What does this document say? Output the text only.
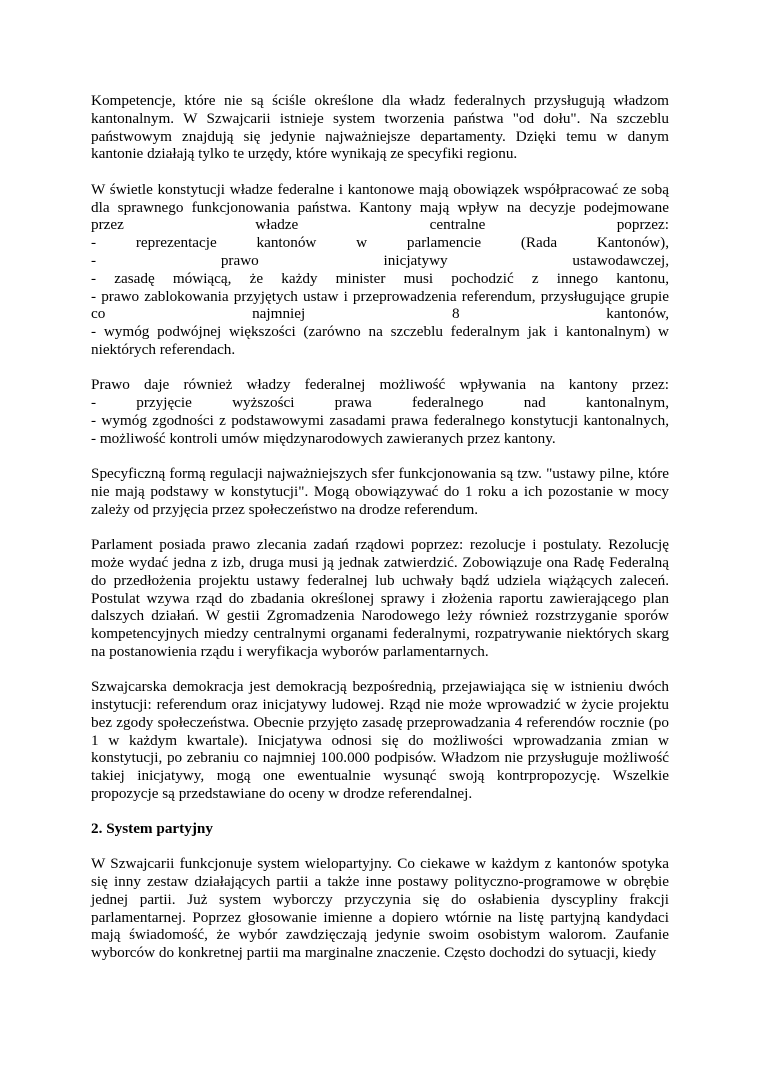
Kompetencje, które nie są ściśle określone dla władz federalnych przysługują władzom kantonalnym. W Szwajcarii istnieje system tworzenia państwa "od dołu". Na szczeblu państwowym znajdują się jedynie najważniejsze departamenty. Dzięki temu w danym kantonie działają tylko te urzędy, które wynikają ze specyfiki regionu.

W świetle konstytucji władze federalne i kantonowe mają obowiązek współpracować ze sobą
dla sprawnego funkcjonowania państwa. Kantony mają wpływ na decyzje podejmowane
przez władze centralne poprzez:
- reprezentacje kantonów w parlamencie (Rada Kantonów),
- prawo inicjatywy ustawodawczej,
- zasadę mówiącą, że każdy minister musi pochodzić z innego kantonu,
- prawo zablokowania przyjętych ustaw i przeprowadzenia referendum, przysługujące grupie
co najmniej 8 kantonów,
- wymóg podwójnej większości (zarówno na szczeblu federalnym jak i kantonalnym) w
niektórych referendach.

Prawo daje również władzy federalnej możliwość wpływania na kantony przez:
- przyjęcie wyższości prawa federalnego nad kantonalnym,
- wymóg zgodności z podstawowymi zasadami prawa federalnego konstytucji kantonalnych,
- możliwość kontroli umów międzynarodowych zawieranych przez kantony.

Specyficzną formą regulacji najważniejszych sfer funkcjonowania są tzw. "ustawy pilne, które nie mają podstawy w konstytucji". Mogą obowiązywać do 1 roku a ich pozostanie w mocy zależy od przyjęcia przez społeczeństwo na drodze referendum.

Parlament posiada prawo zlecania zadań rządowi poprzez: rezolucje i postulaty. Rezolucję może wydać jedna z izb, druga musi ją jednak zatwierdzić. Zobowiązuje ona Radę Federalną do przedłożenia projektu ustawy federalnej lub uchwały bądź udziela wiążących zaleceń. Postulat wzywa rząd do zbadania określonej sprawy i złożenia raportu zawierającego plan dalszych działań. W gestii Zgromadzenia Narodowego leży również rozstrzyganie sporów kompetencyjnych miedzy centralnymi organami federalnymi, rozpatrywanie niektórych skarg na postanowienia rządu i weryfikacja wyborów parlamentarnych.

Szwajcarska demokracja jest demokracją bezpośrednią, przejawiająca się w istnieniu dwóch instytucji: referendum oraz inicjatywy ludowej. Rząd nie może wprowadzić w życie projektu bez zgody społeczeństwa. Obecnie przyjęto zasadę przeprowadzania 4 referendów rocznie (po 1 w każdym kwartale). Inicjatywa odnosi się do możliwości wprowadzania zmian w konstytucji, po zebraniu co najmniej 100.000 podpisów. Władzom nie przysługuje możliwość takiej inicjatywy, mogą one ewentualnie wysunąć swoją kontrpropozycję. Wszelkie propozycje są przedstawiane do oceny w drodze referendalnej.

2. System partyjny

W Szwajcarii funkcjonuje system wielopartyjny. Co ciekawe w każdym z kantonów spotyka się inny zestaw działających partii a także inne postawy polityczno-programowe w obrębie jednej partii. Już system wyborczy przyczynia się do osłabienia dyscypliny frakcji parlamentarnej. Poprzez głosowanie imienne a dopiero wtórnie na listę partyjną kandydaci mają świadomość, że wybór zawdzięczają jedynie swoim osobistym walorom. Zaufanie wyborców do konkretnej partii ma marginalne znaczenie. Często dochodzi do sytuacji, kiedy
